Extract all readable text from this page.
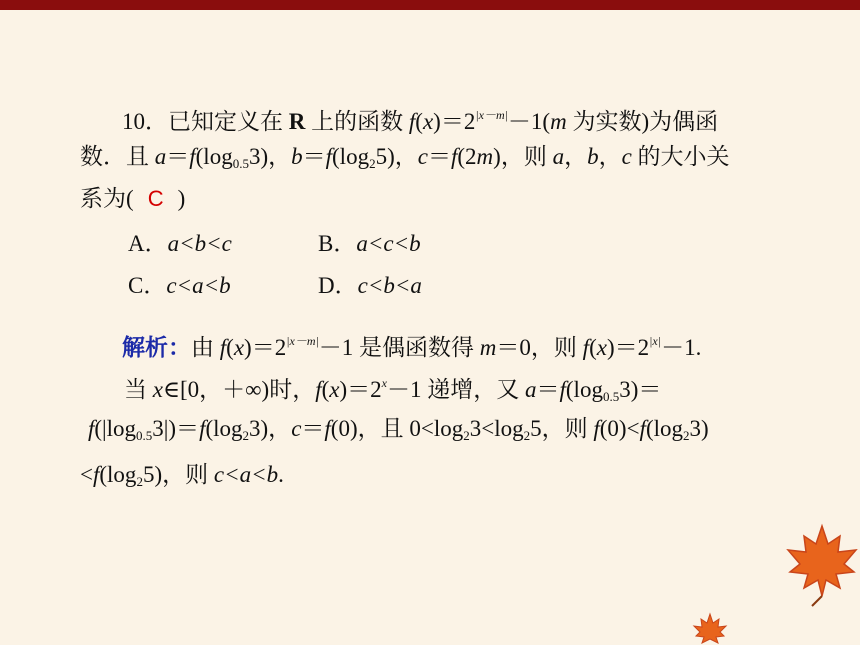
10．已知定义在 R 上的函数 $f(x)=2^{|x-m|}-1(m$ 为实数)为偶函
数．且 $a=f(\log_{0.5}3)$，$b=f(\log_25)$，c＝f(2m)，则 a，b，c 的大小关
系为( C )
A．a<b<c	B．a<c<b
C．c<a<b	D．c<b<a
解析：由 $f(x)=2^{|x-m|}-1$ 是偶函数得 m＝0，则 $f(x)=2^{|x|}-1$.
当 x∈[0，＋∞)时，$f(x)=2^x-1$ 递增，又 $a=f(\log_{0.5}3)=$
$f(|\log_{0.5}3|)=f(\log_23)$，c＝f(0)，且 $0<\log_23<\log_25$，则 $f(0)<f(\log_23)$
$<f(\log_25)$，则 c<a<b.
